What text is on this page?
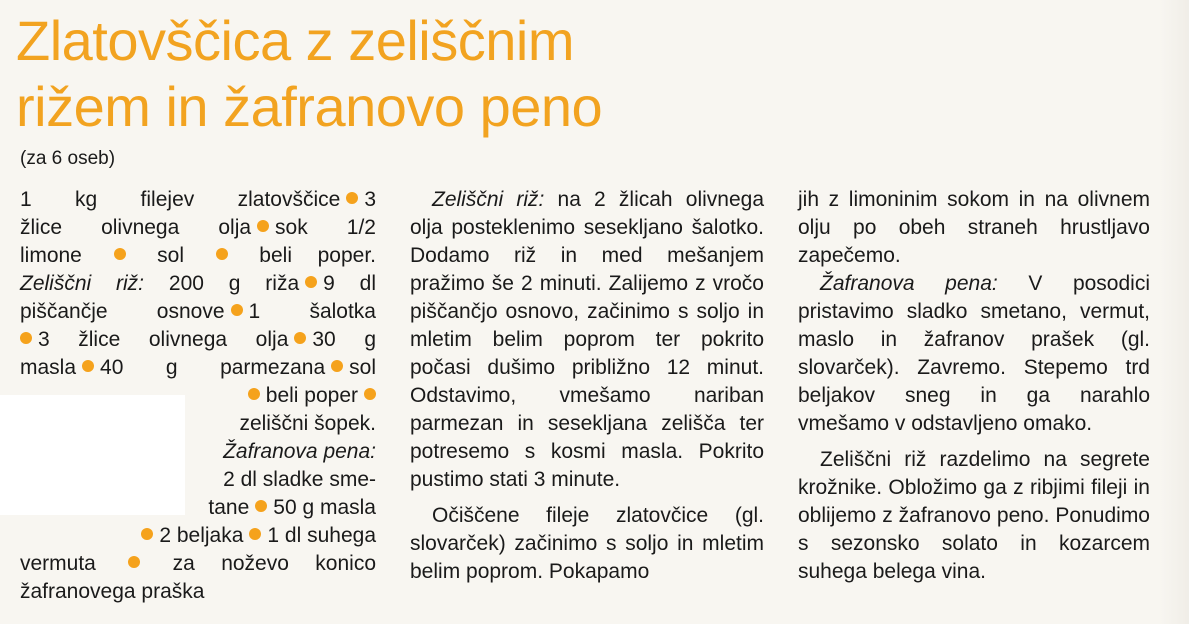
Zlatovščica z zeliščnim
rižem in žafranovo peno
(za 6 oseb)
1 kg filejev zlatovščice 3
žlice olivnega olja sok 1/2
limone	sol	beli poper.
Zeliščni riž: 200 g riža 9 dl
piščančje osnove 1 šalotka
3 žlice olivnega olja 30 g
masla 40 g parmezana sol
beli poper
zeliščni šopek.
Žafranova pena:
2 dl sladke sme-
tane 50 g masla
2 beljaka 1 dl suhega
vermuta	za noževo konico
žafranovega praška

Zeliščni riž: na 2 žlicah olivnega olja posteklenimo sesekljano šalotko. Dodamo riž in med mešanjem pražimo še 2 minuti. Zalijemo z vročo piščančjo osnovo, začinimo s soljo in mletim belim poprom ter pokrito počasi dušimo približno 12 minut. Odstavimo, vmešamo nariban parmezan in sesekljana zelišča ter potresemo s kosmi masla. Pokrito pustimo stati 3 minute.

Očiščene fileje zlatovčice (gl. slovarček) začinimo s soljo in mletim belim poprom. Pokapamo

jih z limoninim sokom in na olivnem olju po obeh straneh hrustljavo zapečemo.

Žafranova pena: V posodici pristavimo sladko smetano, vermut, maslo in žafranov prašek (gl. slovarček). Zavremo. Stepemo trd beljakov sneg in ga narahlo vmešamo v odstavljeno omako.

Zeliščni riž razdelimo na segrete krožnike. Obložimo ga z ribjimi fileji in oblijemo z žafranovo peno. Ponudimo s sezonsko solato in kozarcem suhega belega vina.
